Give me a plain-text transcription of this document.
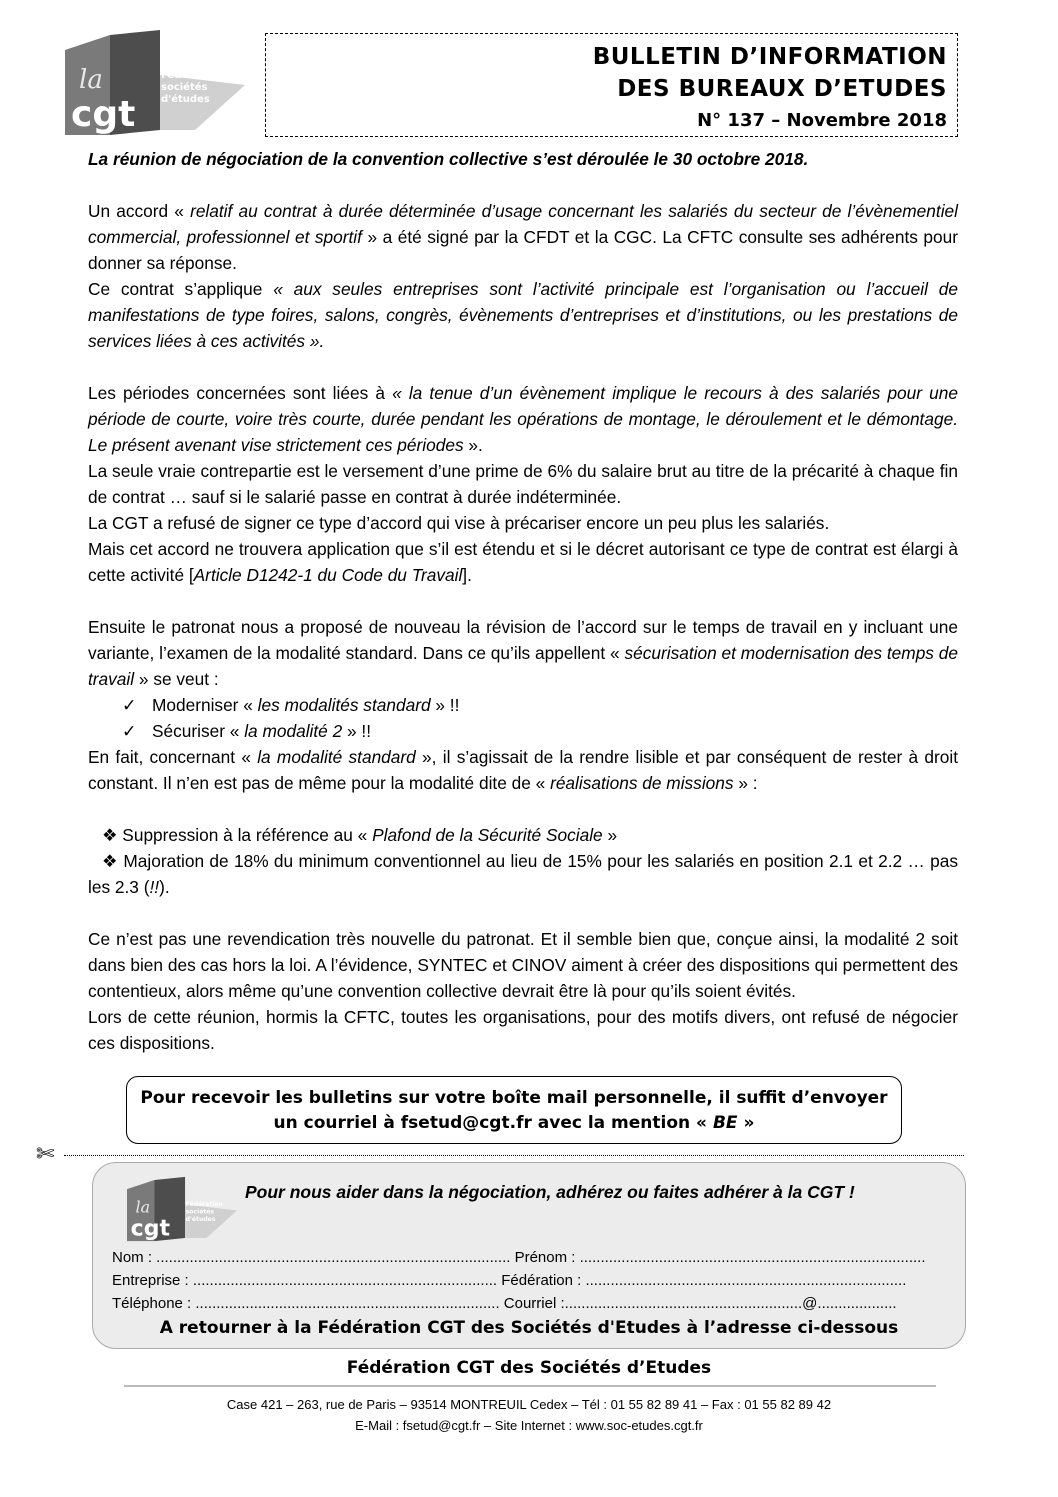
la
cgt
Fédération
sociétés
d'études
BULLETIN D’INFORMATION
DES BUREAUX D’ETUDES
N° 137 – Novembre 2018

La réunion de négociation de la convention collective s’est déroulée le 30 octobre 2018.

Un accord « relatif au contrat à durée déterminée d’usage concernant les salariés du secteur de l’évènementiel commercial, professionnel et sportif » a été signé par la CFDT et la CGC. La CFTC consulte ses adhérents pour donner sa réponse.

Ce contrat s’applique « aux seules entreprises sont l’activité principale est l’organisation ou l’accueil de manifestations de type foires, salons, congrès, évènements d’entreprises et d’institutions, ou les prestations de services liées à ces activités ».

Les périodes concernées sont liées à « la tenue d’un évènement implique le recours à des salariés pour une période de courte, voire très courte, durée pendant les opérations de montage, le déroulement et le démontage. Le présent avenant vise strictement ces périodes ».

La seule vraie contrepartie est le versement d’une prime de 6% du salaire brut au titre de la précarité à chaque fin de contrat … sauf si le salarié passe en contrat à durée indéterminée.

La CGT a refusé de signer ce type d’accord qui vise à précariser encore un peu plus les salariés.

Mais cet accord ne trouvera application que s’il est étendu et si le décret autorisant ce type de contrat est élargi à cette activité [Article D1242-1 du Code du Travail].

Ensuite le patronat nous a proposé de nouveau la révision de l’accord sur le temps de travail en y incluant une variante, l’examen de la modalité standard. Dans ce qu’ils appellent « sécurisation et modernisation des temps de travail » se veut :

✓ Moderniser « les modalités standard » !!

✓ Sécuriser « la modalité 2 » !!

En fait, concernant « la modalité standard », il s’agissait de la rendre lisible et par conséquent de rester à droit constant. Il n’en est pas de même pour la modalité dite de « réalisations de missions » :

❖ Suppression à la référence au « Plafond de la Sécurité Sociale »

❖ Majoration de 18% du minimum conventionnel au lieu de 15% pour les salariés en position 2.1 et 2.2 … pas les 2.3 (!!).

Ce n’est pas une revendication très nouvelle du patronat. Et il semble bien que, conçue ainsi, la modalité 2 soit dans bien des cas hors la loi. A l’évidence, SYNTEC et CINOV aiment à créer des dispositions qui permettent des contentieux, alors même qu’une convention collective devrait être là pour qu’ils soient évités.

Lors de cette réunion, hormis la CFTC, toutes les organisations, pour des motifs divers, ont refusé de négocier ces dispositions.

Pour recevoir les bulletins sur votre boîte mail personnelle, il suffit d’envoyer
un courriel à fsetud@cgt.fr avec la mention « BE »
✄
la
cgt
Fédération
sociétés
d'études
Pour nous aider dans la négociation, adhérez ou faites adhérer à la CGT !
Nom : ..................................................................................... Prénom : ...................................................................................
Entreprise : ......................................................................... Fédération : .............................................................................
Téléphone : ......................................................................... Courriel :.........................................................@...................
A retourner à la Fédération CGT des Sociétés d'Etudes à l’adresse ci-dessous
Fédération CGT des Sociétés d’Etudes
Case 421 – 263, rue de Paris – 93514 MONTREUIL Cedex – Tél : 01 55 82 89 41 – Fax : 01 55 82 89 42
E-Mail : fsetud@cgt.fr – Site Internet : www.soc-etudes.cgt.fr
